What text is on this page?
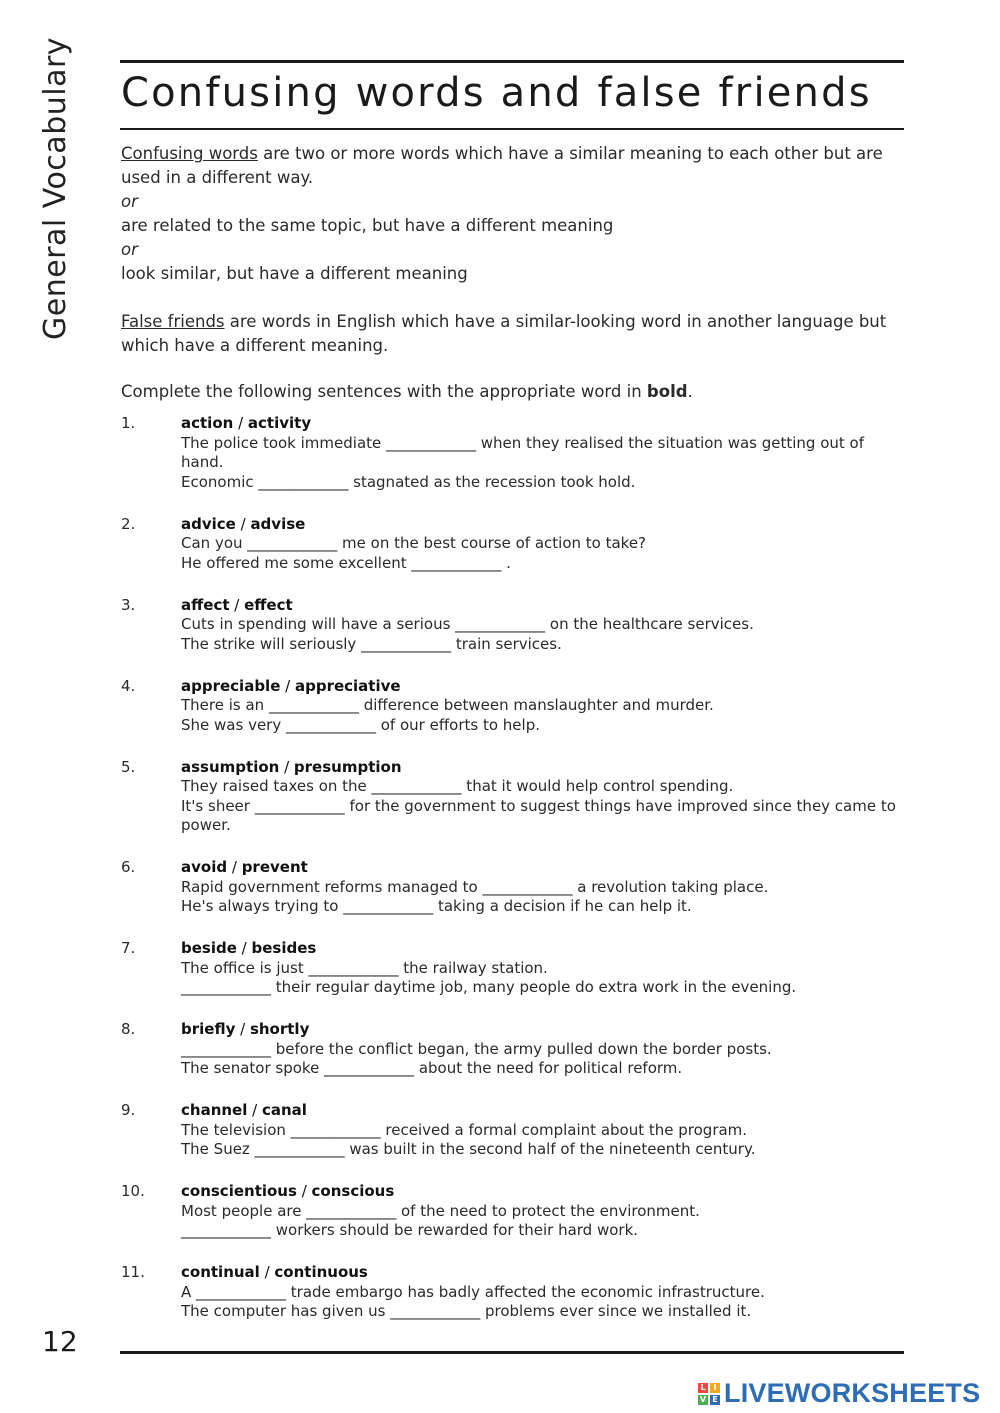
General Vocabulary Confusing words and false friends

Confusing words are two or more words which have a similar meaning to each other but are used in a different way.

or

are related to the same topic, but have a different meaning

or

look similar, but have a different meaning

False friends are words in English which have a similar-looking word in another language but which have a different meaning.

Complete the following sentences with the appropriate word in bold.
1.	action / activity
The police took immediate ____________ when they realised the situation was getting out of hand.
Economic ____________ stagnated as the recession took hold.
2.	advice / advise
Can you ____________ me on the best course of action to take?
He offered me some excellent ____________ .
3.	affect / effect
Cuts in spending will have a serious ____________ on the healthcare services.
The strike will seriously ____________ train services.
4.	appreciable / appreciative
There is an ____________ difference between manslaughter and murder.
She was very ____________ of our efforts to help.
5.	assumption / presumption
They raised taxes on the ____________ that it would help control spending.
It's sheer ____________ for the government to suggest things have improved since they came to power.
6.	avoid / prevent
Rapid government reforms managed to ____________ a revolution taking place.
He's always trying to ____________ taking a decision if he can help it.
7.	beside / besides
The office is just ____________ the railway station.
____________ their regular daytime job, many people do extra work in the evening.
8.	briefly / shortly
____________ before the conflict began, the army pulled down the border posts.
The senator spoke ____________ about the need for political reform.
9.	channel / canal
The television ____________ received a formal complaint about the program.
The Suez ____________ was built in the second half of the nineteenth century.
10. conscientious / conscious
Most people are ____________ of the need to protect the environment.
____________ workers should be rewarded for their hard work.
11. continual / continuous
A ____________ trade embargo has badly affected the economic infrastructure.
The computer has given us ____________ problems ever since we installed it.
12
L I
V E LIVEWORKSHEETS
